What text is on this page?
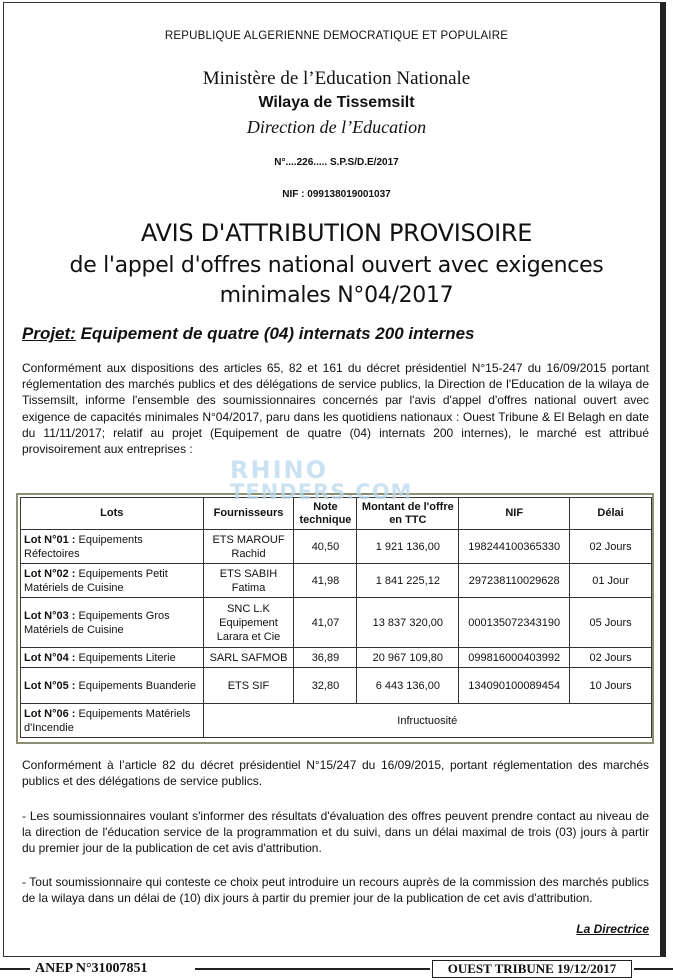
REPUBLIQUE ALGERIENNE DEMOCRATIQUE ET POPULAIRE
Ministère de l’Education Nationale
Wilaya de Tissemsilt
Direction de l’Education
N°....226..... S.P.S/D.E/2017
NIF : 099138019001037
AVIS D'ATTRIBUTION PROVISOIRE
de l'appel d'offres national ouvert avec exigences
minimales N°04/2017
Projet: Equipement de quatre (04) internats 200 internes
Conformément aux dispositions des articles 65, 82 et 161 du décret présidentiel N°15-247 du 16/09/2015 portant réglementation des marchés publics et des délégations de service publics, la Direction de l'Education de la wilaya de Tissemsilt, informe l'ensemble des soumissionnaires concernés par l'avis d'appel d'offres national ouvert avec exigence de capacités minimales N°04/2017, paru dans les quotidiens nationaux : Ouest Tribune & El Belagh en date du 11/11/2017; relatif au projet (Equipement de quatre (04) internats 200 internes), le marché est attribué provisoirement aux entreprises :
Lots	Fournisseurs	Note technique	Montant de l'offre en TTC	NIF	Délai
Lot N°01 : Equipements Réfectoires	ETS MAROUF Rachid	40,50	1 921 136,00	198244100365330	02 Jours
Lot N°02 : Equipements Petit Matériels de Cuisine	ETS SABIH Fatima	41,98	1 841 225,12	297238110029628	01 Jour
Lot N°03 : Equipements Gros Matériels de Cuisine	SNC L.K Equipement Larara et Cie	41,07	13 837 320,00	000135072343190	05 Jours
Lot N°04 : Equipements Literie	SARL SAFMOB	36,89	20 967 109,80	099816000403992	02 Jours
Lot N°05 : Equipements Buanderie	ETS SIF	32,80	6 443 136,00	134090100089454	10 Jours
Lot N°06 : Equipements Matériels d'Incendie	Infructuosité				
RHINO
TENDERS.COM
Conformément à l’article 82 du décret présidentiel N°15/247 du 16/09/2015, portant réglementation des marchés publics et des délégations de service publics.
- Les soumissionnaires voulant s'informer des résultats d'évaluation des offres peuvent prendre contact au niveau de la direction de l'éducation service de la programmation et du suivi, dans un délai maximal de trois (03) jours à partir du premier jour de la publication de cet avis d'attribution.
- Tout soumissionnaire qui conteste ce choix peut introduire un recours auprès de la commission des marchés publics de la wilaya dans un délai de (10) dix jours à partir du premier jour de la publication de cet avis d'attribution.
La Directrice
ANEP N°31007851	OUEST TRIBUNE 19/12/2017
